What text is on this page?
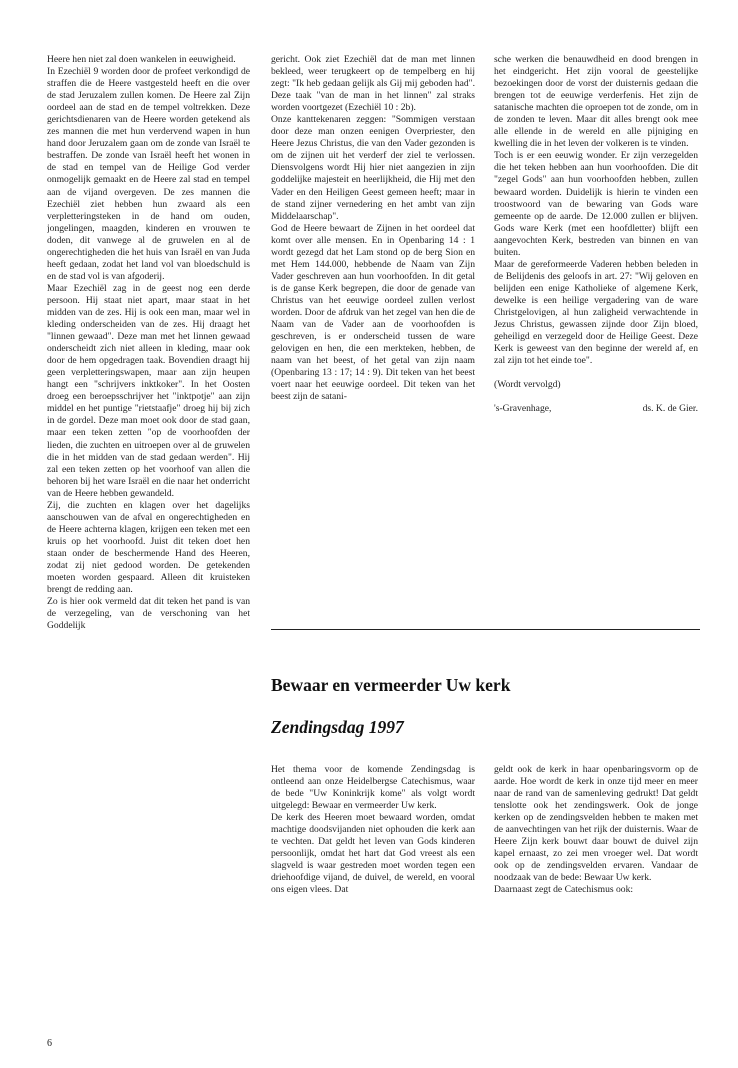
Heere hen niet zal doen wankelen in eeuwigheid.

In Ezechiël 9 worden door de profeet verkondigd de straffen die de Heere vastgesteld heeft en die over de stad Jeruzalem zullen komen. De Heere zal Zijn oordeel aan de stad en de tempel voltrekken. Deze gerichtsdienaren van de Heere worden getekend als zes mannen die met hun verdervend wapen in hun hand door Jeruzalem gaan om de zonde van Israël te bestraffen. De zonde van Israël heeft het wonen in de stad en tempel van de Heilige God verder onmogelijk gemaakt en de Heere zal stad en tempel aan de vijand overgeven. De zes mannen die Ezechiël ziet hebben hun zwaard als een verpletteringsteken in de hand om ouden, jongelingen, maagden, kinderen en vrouwen te doden, dit vanwege al de gruwelen en al de ongerechtigheden die het huis van Israël en van Juda heeft gedaan, zodat het land vol van bloedschuld is en de stad vol is van afgoderij.

Maar Ezechiël zag in de geest nog een derde persoon. Hij staat niet apart, maar staat in het midden van de zes. Hij is ook een man, maar wel in kleding onderscheiden van de zes. Hij draagt het "linnen gewaad". Deze man met het linnen gewaad onderscheidt zich niet alleen in kleding, maar ook door de hem opgedragen taak. Bovendien draagt hij geen verpletteringswapen, maar aan zijn heupen hangt een "schrijvers inktkoker". In het Oosten droeg een beroepsschrijver het "inktpotje" aan zijn middel en het puntige "rietstaafje" droeg hij bij zich in de gordel. Deze man moet ook door de stad gaan, maar een teken zetten "op de voorhoofden der lieden, die zuchten en uitroepen over al de gruwelen die in het midden van de stad gedaan werden". Hij zal een teken zetten op het voorhoof van allen die behoren bij het ware Israël en die naar het onderricht van de Heere hebben gewandeld.

Zij, die zuchten en klagen over het dagelijks aanschouwen van de afval en ongerechtigheden en de Heere achterna klagen, krijgen een teken met een kruis op het voorhoofd. Juist dit teken doet hen staan onder de beschermende Hand des Heeren, zodat zij niet gedood worden. De getekenden moeten worden gespaard. Alleen dit kruisteken brengt de redding aan.

Zo is hier ook vermeld dat dit teken het pand is van de verzegeling, van de verschoning van het Goddelijk

gericht. Ook ziet Ezechiël dat de man met linnen bekleed, weer terugkeert op de tempelberg en hij zegt: "Ik heb gedaan gelijk als Gij mij geboden had". Deze taak "van de man in het linnen" zal straks worden voortgezet (Ezechiël 10 : 2b).

Onze kanttekenaren zeggen: "Sommigen verstaan door deze man onzen eenigen Overpriester, den Heere Jezus Christus, die van den Vader gezonden is om de zijnen uit het verderf der ziel te verlossen. Diensvolgens wordt Hij hier niet aangezien in zijn goddelijke majesteit en heerlijkheid, die Hij met den Vader en den Heiligen Geest gemeen heeft; maar in de stand zijner vernedering en het ambt van zijn Middelaarschap".

God de Heere bewaart de Zijnen in het oordeel dat komt over alle mensen. En in Openbaring 14 : 1 wordt gezegd dat het Lam stond op de berg Sion en met Hem 144.000, hebbende de Naam van Zijn Vader geschreven aan hun voorhoofden. In dit getal is de ganse Kerk begrepen, die door de genade van Christus van het eeuwige oordeel zullen verlost worden. Door de afdruk van het zegel van hen die de Naam van de Vader aan de voorhoofden is geschreven, is er onderscheid tussen de ware gelovigen en hen, die een merkteken, hebben, de naam van het beest, of het getal van zijn naam (Openbaring 13 : 17; 14 : 9). Dit teken van het beest voert naar het eeuwige oordeel. Dit teken van het beest zijn de satani-

sche werken die benauwdheid en dood brengen in het eindgericht. Het zijn vooral de geestelijke bezoekingen door de vorst der duisternis gedaan die brengen tot de eeuwige verderfenis. Het zijn de satanische machten die oproepen tot de zonde, om in de zonden te leven. Maar dit alles brengt ook mee alle ellende in de wereld en alle pijniging en kwelling die in het leven der volkeren is te vinden.

Toch is er een eeuwig wonder. Er zijn verzegelden die het teken hebben aan hun voorhoofden. Die dit "zegel Gods" aan hun voorhoofden hebben, zullen bewaard worden. Duidelijk is hierin te vinden een troostwoord van de bewaring van Gods ware gemeente op de aarde. De 12.000 zullen er blijven. Gods ware Kerk (met een hoofdletter) blijft een aangevochten Kerk, bestreden van binnen en van buiten.

Maar de gereformeerde Vaderen hebben beleden in de Belijdenis des geloofs in art. 27: "Wij geloven en belijden een enige Katholieke of algemene Kerk, dewelke is een heilige vergadering van de ware Christgelovigen, al hun zaligheid verwachtende in Jezus Christus, gewassen zijnde door Zijn bloed, geheiligd en verzegeld door de Heilige Geest. Deze Kerk is geweest van den beginne der wereld af, en zal zijn tot het einde toe".

(Wordt vervolgd)

's-Gravenhage,	ds. K. de Gier.
Bewaar en vermeerder Uw kerk
Zendingsdag 1997

Het thema voor de komende Zendingsdag is ontleend aan onze Heidelbergse Catechismus, waar de bede "Uw Koninkrijk kome" als volgt wordt uitgelegd: Bewaar en vermeerder Uw kerk.

De kerk des Heeren moet bewaard worden, omdat machtige doodsvijanden niet ophouden die kerk aan te vechten. Dat geldt het leven van Gods kinderen persoonlijk, omdat het hart dat God vreest als een slagveld is waar gestreden moet worden tegen een driehoofdige vijand, de duivel, de wereld, en vooral ons eigen vlees. Dat

geldt ook de kerk in haar openbaringsvorm op de aarde. Hoe wordt de kerk in onze tijd meer en meer naar de rand van de samenleving gedrukt! Dat geldt tenslotte ook het zendingswerk. Ook de jonge kerken op de zendingsvelden hebben te maken met de aanvechtingen van het rijk der duisternis. Waar de Heere Zijn kerk bouwt daar bouwt de duivel zijn kapel ernaast, zo zei men vroeger wel. Dat wordt ook op de zendingsvelden ervaren. Vandaar de noodzaak van de bede: Bewaar Uw kerk.

Daarnaast zegt de Catechismus ook:

6
